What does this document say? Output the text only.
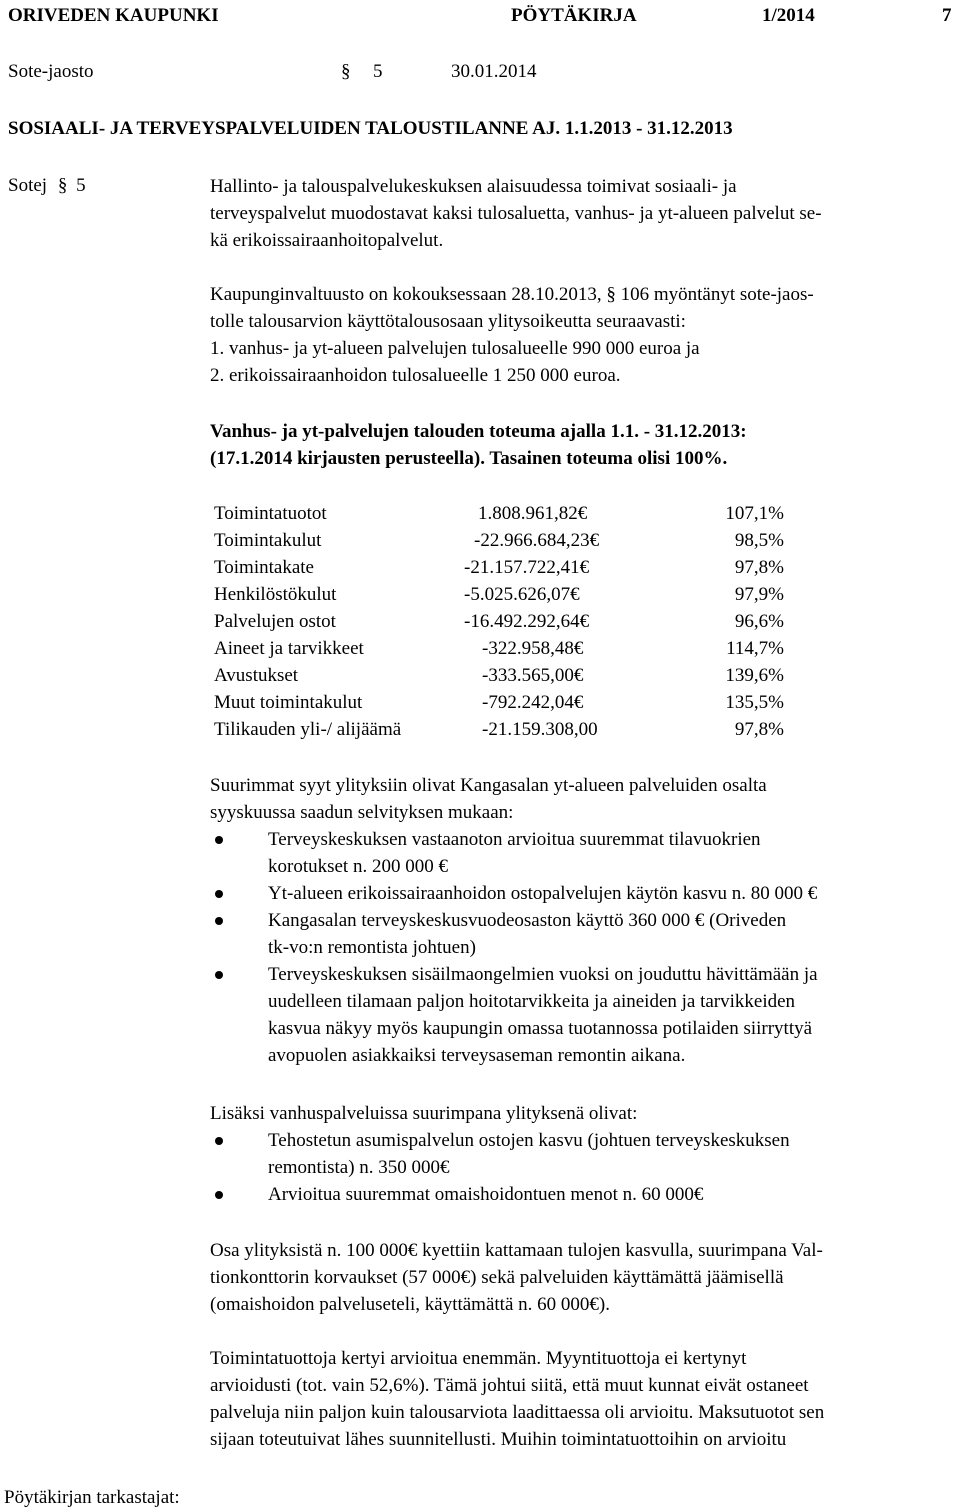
ORIVEDEN KAUPUNKI	PÖYTÄKIRJA	1/2014	7
Sote-jaosto	§ 5	30.01.2014
SOSIAALI- JA TERVEYSPALVELUIDEN TALOUSTILANNE AJ. 1.1.2013 - 31.12.2013
Sotej § 5	Hallinto- ja talouspalvelukeskuksen alaisuudessa toimivat sosiaali- ja
terveyspalvelut muodostavat kaksi tulosaluetta, vanhus- ja yt-alueen palvelut se-
kä erikoissairaanhoitopalvelut.
Kaupunginvaltuusto on kokouksessaan 28.10.2013, § 106 myöntänyt sote-jaos-
tolle talousarvion käyttötalousosaan ylitysoikeutta seuraavasti:
1. vanhus- ja yt-alueen palvelujen tulosalueelle 990 000 euroa ja
2. erikoissairaanhoidon tulosalueelle 1 250 000 euroa.
Vanhus- ja yt-palvelujen talouden toteuma ajalla 1.1. - 31.12.2013:
(17.1.2014 kirjausten perusteella). Tasainen toteuma olisi 100%.
Toimintatuotot	1.808.961,82€	107,1%
Toimintakulut	-22.966.684,23€	98,5%
Toimintakate	-21.157.722,41€	97,8%
Henkilöstökulut	-5.025.626,07€	97,9%
Palvelujen ostot	-16.492.292,64€	96,6%
Aineet ja tarvikkeet	-322.958,48€	114,7%
Avustukset	-333.565,00€	139,6%
Muut toimintakulut	-792.242,04€	135,5%
Tilikauden yli-/ alijäämä	-21.159.308,00	97,8%
Suurimmat syyt ylityksiin olivat Kangasalan yt-alueen palveluiden osalta
syyskuussa saadun selvityksen mukaan:
Terveyskeskuksen vastaanoton arvioitua suuremmat tilavuokrien
korotukset n. 200 000 €
Yt-alueen erikoissairaanhoidon ostopalvelujen käytön kasvu n. 80 000 €
Kangasalan terveyskeskusvuodeosaston käyttö 360 000 € (Oriveden
tk-vo:n remontista johtuen)
Terveyskeskuksen sisäilmaongelmien vuoksi on jouduttu hävittämään ja
uudelleen tilamaan paljon hoitotarvikkeita ja aineiden ja tarvikkeiden
kasvua näkyy myös kaupungin omassa tuotannossa potilaiden siirryttyä
avopuolen asiakkaiksi terveysaseman remontin aikana.
Lisäksi vanhuspalveluissa suurimpana ylityksenä olivat:
Tehostetun asumispalvelun ostojen kasvu (johtuen terveyskeskuksen
remontista) n. 350 000€
Arvioitua suuremmat omaishoidontuen menot n. 60 000€
Osa ylityksistä n. 100 000€ kyettiin kattamaan tulojen kasvulla, suurimpana Val-
tionkonttorin korvaukset (57 000€) sekä palveluiden käyttämättä jäämisellä
(omaishoidon palveluseteli, käyttämättä n. 60 000€).
Toimintatuottoja kertyi arvioitua enemmän. Myyntituottoja ei kertynyt
arvioidusti (tot. vain 52,6%). Tämä johtui siitä, että muut kunnat eivät ostaneet
palveluja niin paljon kuin talousarviota laadittaessa oli arvioitu. Maksutuotot sen
sijaan toteutuivat lähes suunnitellusti. Muihin toimintatuottoihin on arvioitu
Pöytäkirjan tarkastajat:
